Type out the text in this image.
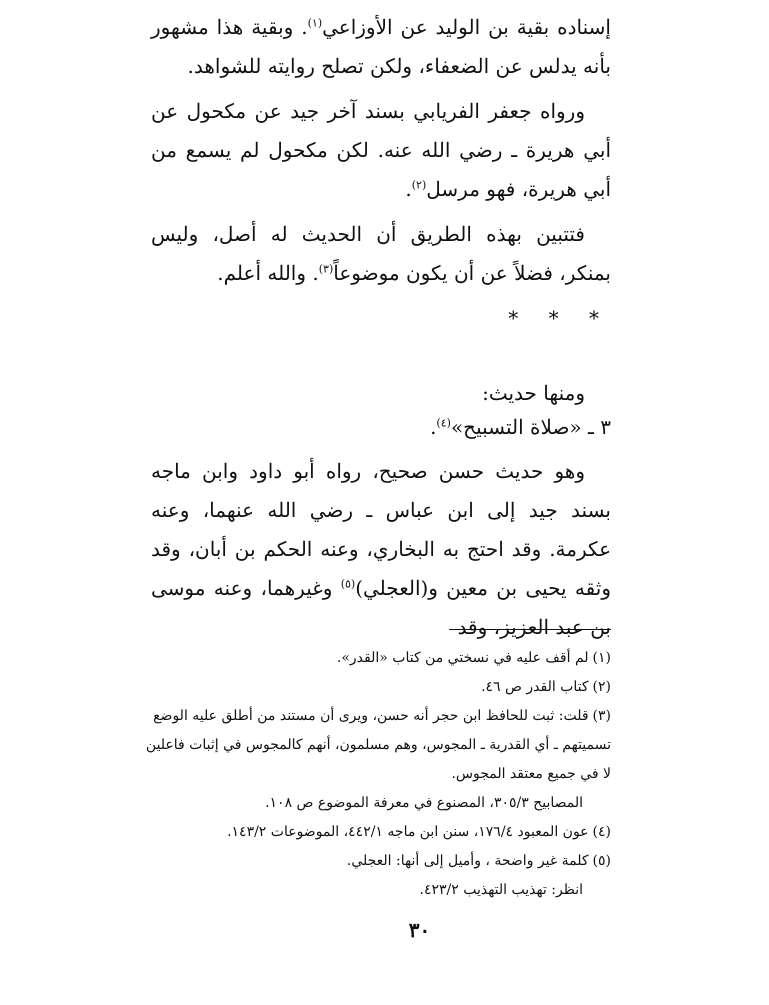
إسناده بقية بن الوليد عن الأوزاعي$^{(١)}$. وبقية هذا مشهور بأنه يدلس عن الضعفاء، ولكن تصلح روايته للشواهد.

ورواه جعفر الفريابي بسند آخر جيد عن مكحول عن أبي هريرة ـ رضي الله عنه. لكن مكحول لم يسمع من أبي هريرة، فهو مرسل$^{(٢)}$.

فتتبين بهذه الطريق أن الحديث له أصل، وليس بمنكر، فضلاً عن أن يكون موضوعاً$^{(٣)}$. والله أعلم.

* * *

ومنها حديث:

٣ ـ «صلاة التسبيح»$^{(٤)}$.

وهو حديث حسن صحيح، رواه أبو داود وابن ماجه بسند جيد إلى ابن عباس ـ رضي الله عنهما، وعنه عكرمة. وقد احتج به البخاري، وعنه الحكم بن أبان، وقد وثقه يحيى بن معين و(العجلي)$^{(٥)}$ وغيرهما، وعنه موسى بن عبد العزيز، وقد

(١)لم أقف عليه في نسختي من كتاب «القدر».

(٢)كتاب القدر ص ٤٦.

(٣)قلت: ثبت للحافظ ابن حجر أنه حسن، ويرى أن مستند من أطلق عليه الوضع تسميتهم ـ أي القدرية ـ المجوس، وهم مسلمون، أنهم كالمجوس في إثبات فاعلين لا في جميع معتقد المجوس.

المصابيح ٣٠٥/٣، المصنوع في معرفة الموضوع ص ١٠٨.

(٤)عون المعبود ١٧٦/٤، سنن ابن ماجه ٤٤٢/١، الموضوعات ١٤٣/٢.

(٥)كلمة غير واضحة ، وأميل إلى أنها: العجلي.

انظر: تهذيب التهذيب ٤٢٣/٢.

٣٠
